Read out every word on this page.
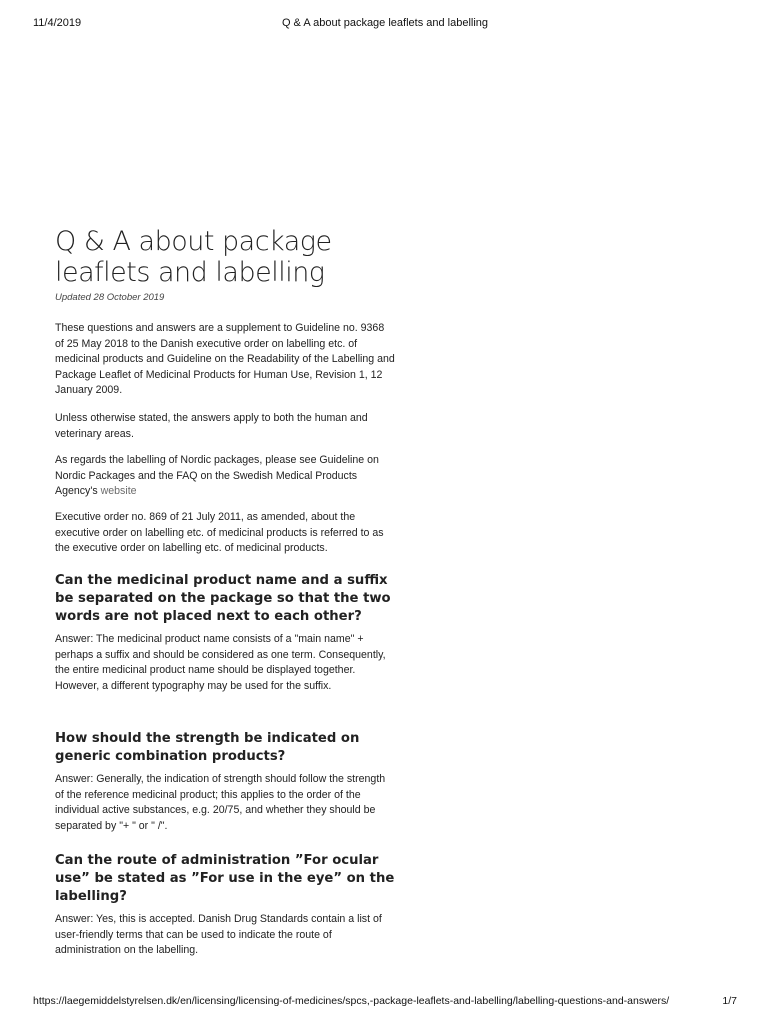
11/4/2019	Q & A about package leaflets and labelling
Q & A about package leaflets and labelling
Updated 28 October 2019

These questions and answers are a supplement to Guideline no. 9368 of 25 May 2018 to the Danish executive order on labelling etc. of medicinal products and Guideline on the Readability of the Labelling and Package Leaflet of Medicinal Products for Human Use, Revision 1, 12 January 2009.

Unless otherwise stated, the answers apply to both the human and veterinary areas.

As regards the labelling of Nordic packages, please see Guideline on Nordic Packages and the FAQ on the Swedish Medical Products Agency's website

Executive order no. 869 of 21 July 2011, as amended, about the executive order on labelling etc. of medicinal products is referred to as the executive order on labelling etc. of medicinal products.

Can the medicinal product name and a suffix be separated on the package so that the two words are not placed next to each other?

Answer: The medicinal product name consists of a "main name" + perhaps a suffix and should be considered as one term. Consequently, the entire medicinal product name should be displayed together. However, a different typography may be used for the suffix.

How should the strength be indicated on generic combination products?

Answer: Generally, the indication of strength should follow the strength of the reference medicinal product; this applies to the order of the individual active substances, e.g. 20/75, and whether they should be separated by "+ " or " /".

Can the route of administration ”For ocular use” be stated as ”For use in the eye” on the labelling?

Answer: Yes, this is accepted. Danish Drug Standards contain a list of user-friendly terms that can be used to indicate the route of administration on the labelling.

https://laegemiddelstyrelsen.dk/en/licensing/licensing-of-medicines/spcs,-package-leaflets-and-labelling/labelling-questions-and-answers/	1/7
